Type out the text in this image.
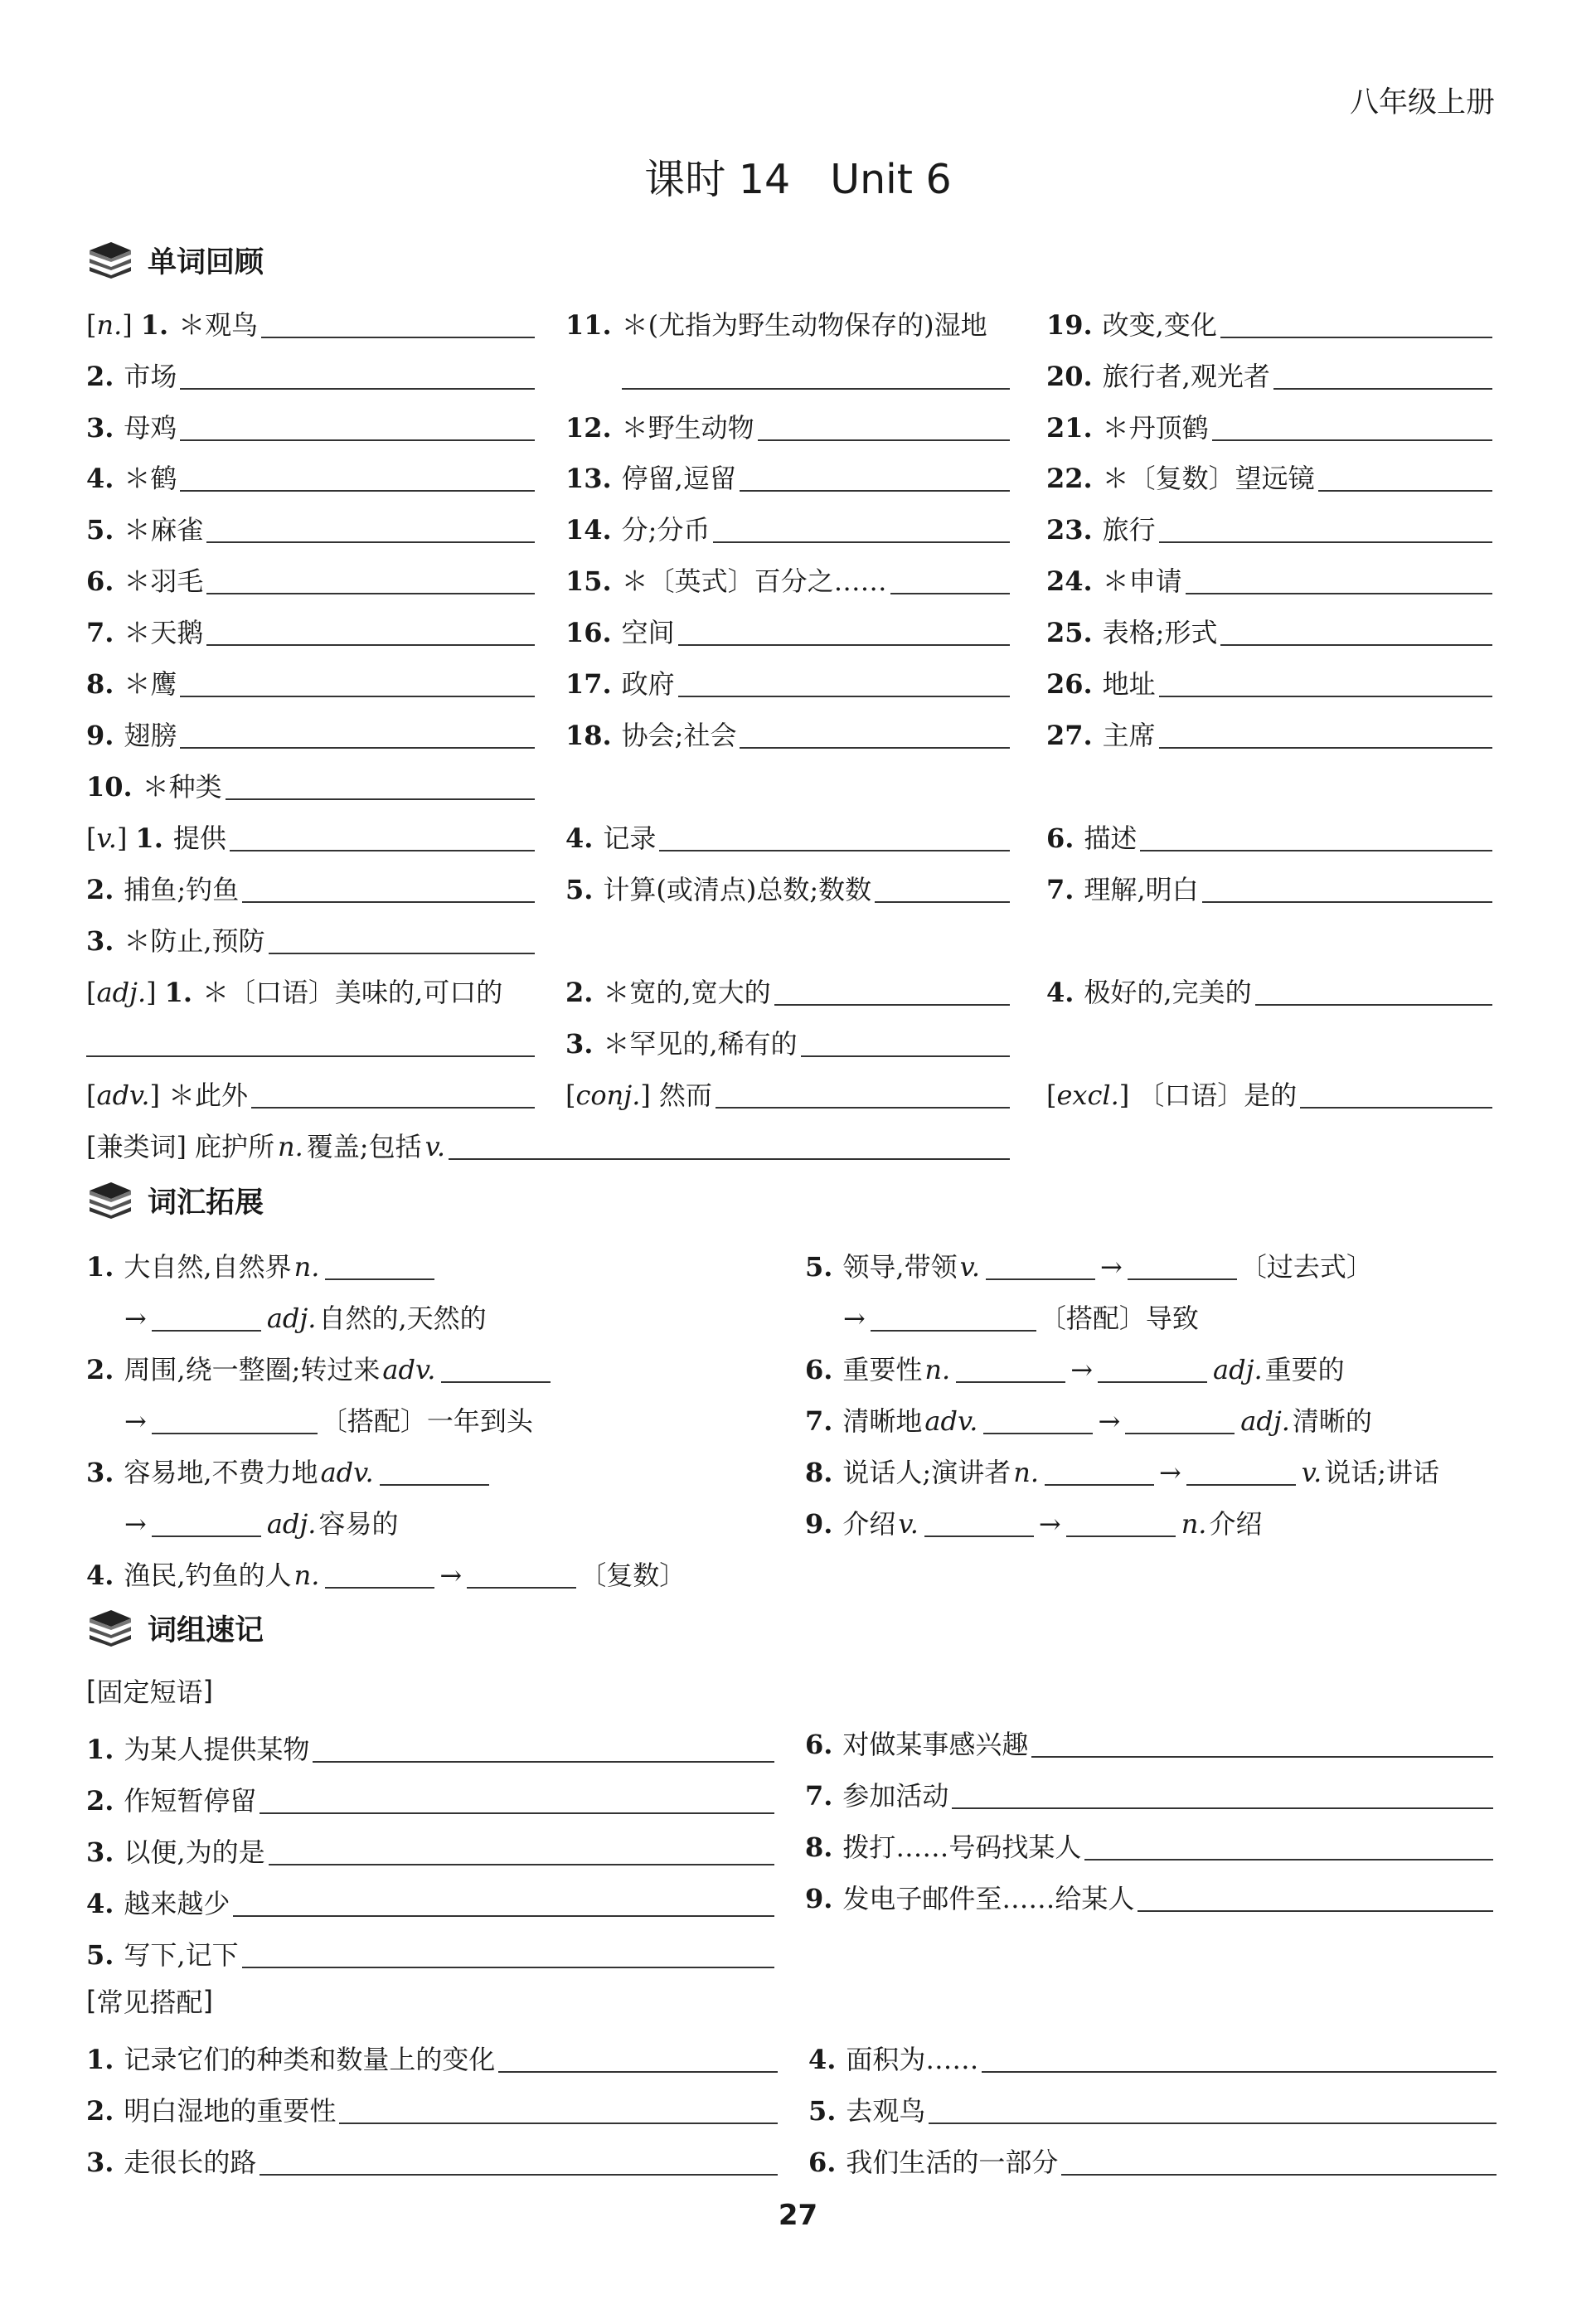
八年级上册
课时 14 Unit 6
单词回顾
[n.] 1. ＊观鸟
2. 市场
3. 母鸡
4. ＊鹤
5. ＊麻雀
6. ＊羽毛
7. ＊天鹅
8. ＊鹰
9. 翅膀
10. ＊种类
11. ＊(尤指为野生动物保存的)湿地
12. ＊野生动物
13. 停留,逗留
14. 分;分币
15. ＊〔英式〕百分之……
16. 空间
17. 政府
18. 协会;社会
19. 改变,变化
20. 旅行者,观光者
21. ＊丹顶鹤
22. ＊〔复数〕望远镜
23. 旅行
24. ＊申请
25. 表格;形式
26. 地址
27. 主席
[v.] 1. 提供
2. 捕鱼;钓鱼
3. ＊防止,预防
4. 记录
5. 计算(或清点)总数;数数
6. 描述
7. 理解,明白
[adj.] 1. ＊〔口语〕美味的,可口的 2. ＊宽的,宽大的
3. ＊罕见的,稀有的
4. 极好的,完美的
[adv.] ＊此外	[conj.] 然而	[excl.] 〔口语〕是的
[兼类词] 庇护所 n. 覆盖;包括 v.
词汇拓展
1. 大自然,自然界 n.
→	adj. 自然的,天然的
2. 周围,绕一整圈;转过来 adv.
→	〔搭配〕一年到头
3. 容易地,不费力地 adv.
→	adj. 容易的
4. 渔民,钓鱼的人 n.	→	〔复数〕
5. 领导,带领 v.	→	〔过去式〕
→	〔搭配〕导致
6. 重要性 n.	→	adj. 重要的
7. 清晰地 adv.	→	adj. 清晰的
8. 说话人;演讲者 n.	→	v. 说话;讲话
9. 介绍 v.	→	n. 介绍
词组速记
[ 固定短语 ]
1. 为某人提供某物
2. 作短暂停留
3. 以便,为的是
4. 越来越少
5. 写下,记下
6. 对做某事感兴趣
7. 参加活动
8. 拨打……号码找某人
9. 发电子邮件至……给某人
[ 常见搭配 ]
1. 记录它们的种类和数量上的变化
2. 明白湿地的重要性
3. 走很长的路
4. 面积为……
5. 去观鸟
6. 我们生活的一部分
27
